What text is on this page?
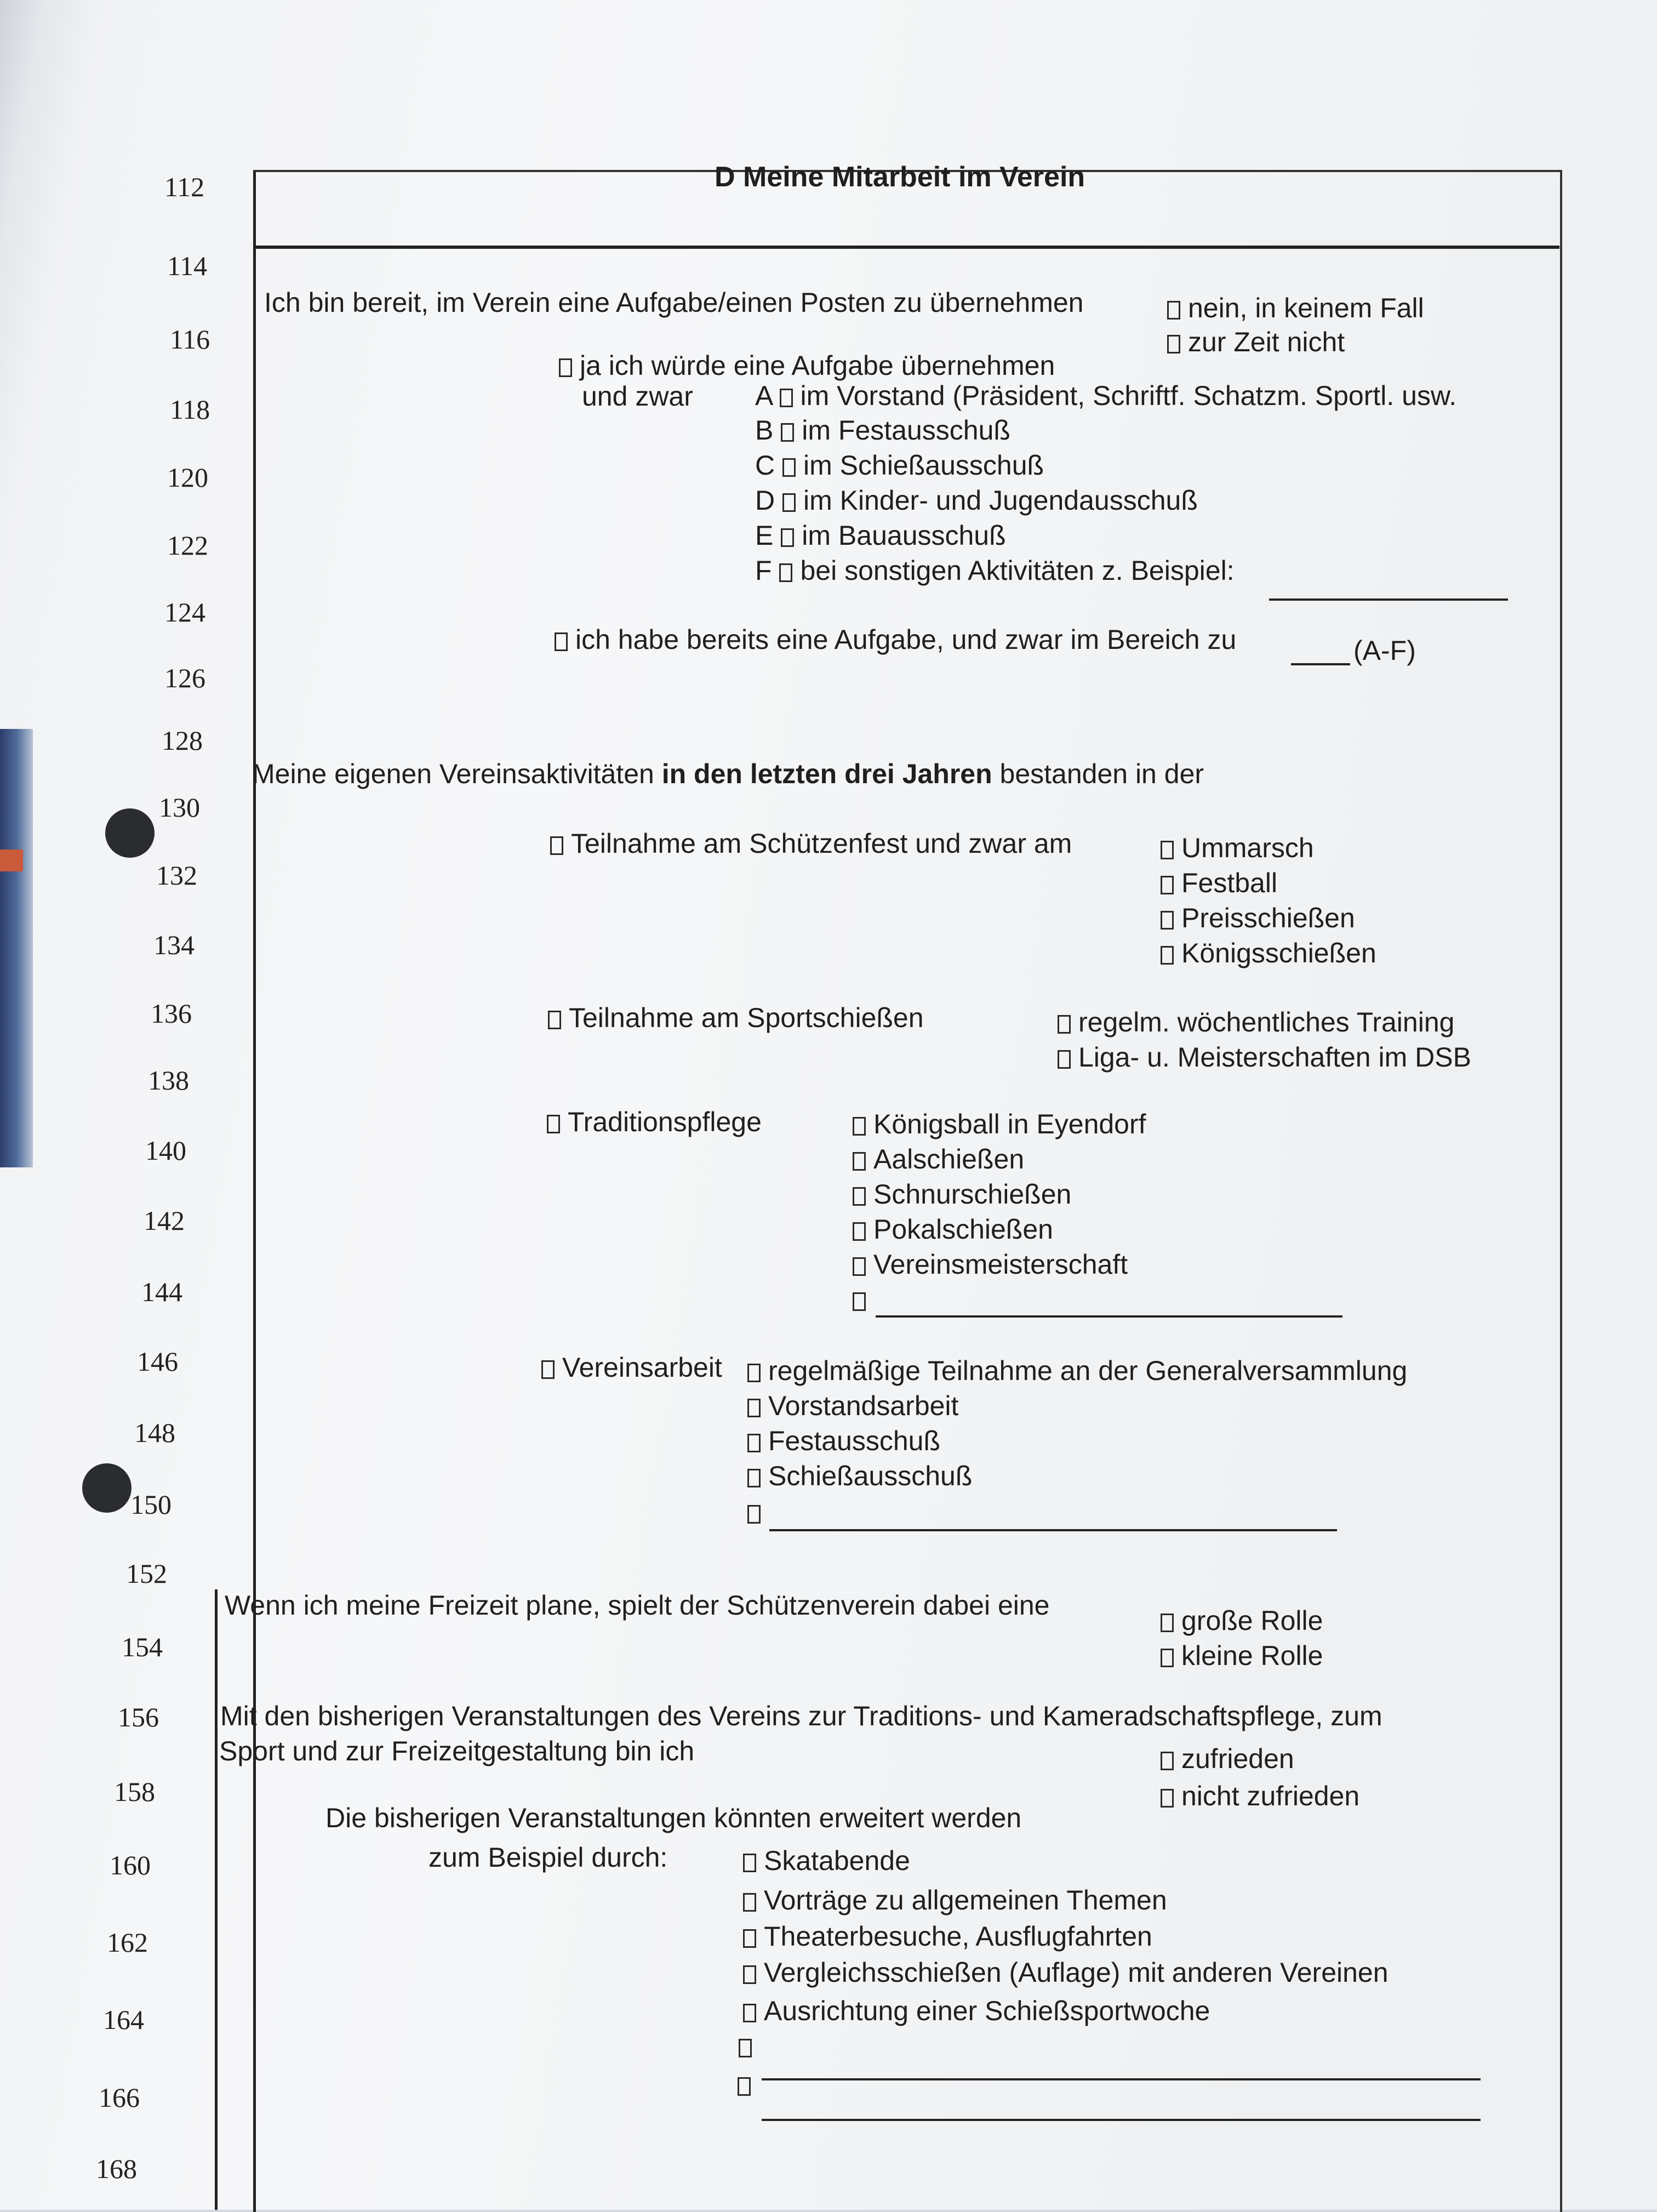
112
114
116
118
120
122
124
126
128
130
132
134
136
138
140
142
144
146
148
150
152
154
156
158
160
162
164
166
168
D Meine Mitarbeit im Verein
Ich bin bereit, im Verein eine Aufgabe/einen Posten zu übernehmen	nein, in keinem Fall
zur Zeit nicht
ja ich würde eine Aufgabe übernehmen
und zwar A im Vorstand (Präsident, Schriftf. Schatzm. Sportl. usw.
B im Festausschuß
C im Schießausschuß
D im Kinder- und Jugendausschuß
E im Bauausschuß
F bei sonstigen Aktivitäten z. Beispiel:
ich habe bereits eine Aufgabe, und zwar im Bereich zu	(A-F)
Meine eigenen Vereinsaktivitäten in den letzten drei Jahren bestanden in der
Teilnahme am Schützenfest und zwar am	Ummarsch
Festball
Preisschießen
Königsschießen
Teilnahme am Sportschießen	regelm. wöchentliches Training
Liga- u. Meisterschaften im DSB
Traditionspflege	Königsball in Eyendorf
Aalschießen
Schnurschießen
Pokalschießen
Vereinsmeisterschaft
Vereinsarbeit	regelmäßige Teilnahme an der Generalversammlung
Vorstandsarbeit
Festausschuß
Schießausschuß
Wenn ich meine Freizeit plane, spielt der Schützenverein dabei eine	große Rolle
kleine Rolle
Mit den bisherigen Veranstaltungen des Vereins zur Traditions- und Kameradschaftspflege, zum
Sport und zur Freizeitgestaltung bin ich	zufrieden
nicht zufrieden
Die bisherigen Veranstaltungen könnten erweitert werden
zum Beispiel durch:	Skatabende
Vorträge zu allgemeinen Themen
Theaterbesuche, Ausflugfahrten
Vergleichsschießen (Auflage) mit anderen Vereinen
Ausrichtung einer Schießsportwoche
